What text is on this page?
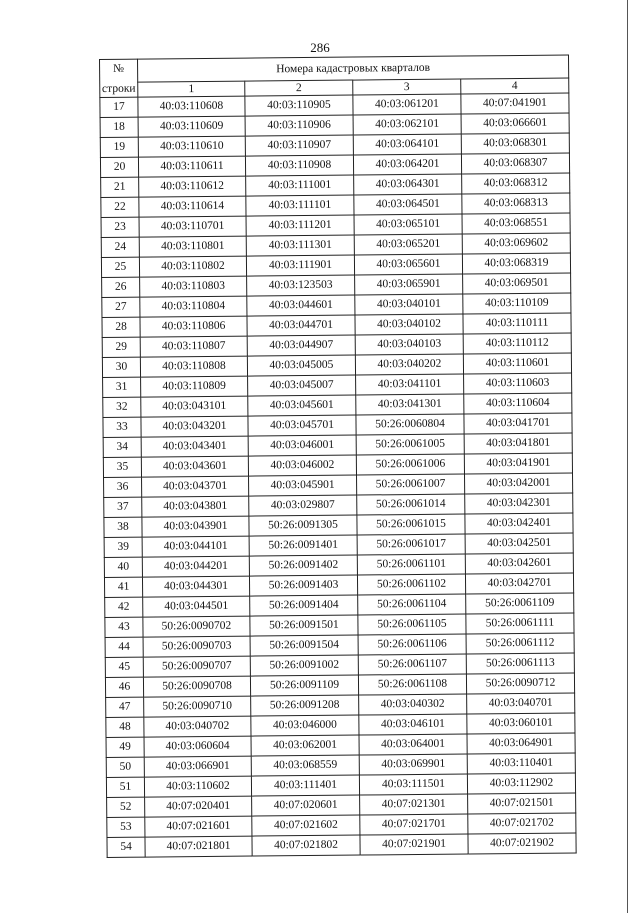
286
№
строки	Номера кадастровых кварталов			
	1	2	3	4
17	40:03:110608	40:03:110905	40:03:061201	40:07:041901
18	40:03:110609	40:03:110906	40:03:062101	40:03:066601
19	40:03:110610	40:03:110907	40:03:064101	40:03:068301
20	40:03:110611	40:03:110908	40:03:064201	40:03:068307
21	40:03:110612	40:03:111001	40:03:064301	40:03:068312
22	40:03:110614	40:03:111101	40:03:064501	40:03:068313
23	40:03:110701	40:03:111201	40:03:065101	40:03:068551
24	40:03:110801	40:03:111301	40:03:065201	40:03:069602
25	40:03:110802	40:03:111901	40:03:065601	40:03:068319
26	40:03:110803	40:03:123503	40:03:065901	40:03:069501
27	40:03:110804	40:03:044601	40:03:040101	40:03:110109
28	40:03:110806	40:03:044701	40:03:040102	40:03:110111
29	40:03:110807	40:03:044907	40:03:040103	40:03:110112
30	40:03:110808	40:03:045005	40:03:040202	40:03:110601
31	40:03:110809	40:03:045007	40:03:041101	40:03:110603
32	40:03:043101	40:03:045601	40:03:041301	40:03:110604
33	40:03:043201	40:03:045701	50:26:0060804	40:03:041701
34	40:03:043401	40:03:046001	50:26:0061005	40:03:041801
35	40:03:043601	40:03:046002	50:26:0061006	40:03:041901
36	40:03:043701	40:03:045901	50:26:0061007	40:03:042001
37	40:03:043801	40:03:029807	50:26:0061014	40:03:042301
38	40:03:043901	50:26:0091305	50:26:0061015	40:03:042401
39	40:03:044101	50:26:0091401	50:26:0061017	40:03:042501
40	40:03:044201	50:26:0091402	50:26:0061101	40:03:042601
41	40:03:044301	50:26:0091403	50:26:0061102	40:03:042701
42	40:03:044501	50:26:0091404	50:26:0061104	50:26:0061109
43	50:26:0090702	50:26:0091501	50:26:0061105	50:26:0061111
44	50:26:0090703	50:26:0091504	50:26:0061106	50:26:0061112
45	50:26:0090707	50:26:0091002	50:26:0061107	50:26:0061113
46	50:26:0090708	50:26:0091109	50:26:0061108	50:26:0090712
47	50:26:0090710	50:26:0091208	40:03:040302	40:03:040701
48	40:03:040702	40:03:046000	40:03:046101	40:03:060101
49	40:03:060604	40:03:062001	40:03:064001	40:03:064901
50	40:03:066901	40:03:068559	40:03:069901	40:03:110401
51	40:03:110602	40:03:111401	40:03:111501	40:03:112902
52	40:07:020401	40:07:020601	40:07:021301	40:07:021501
53	40:07:021601	40:07:021602	40:07:021701	40:07:021702
54	40:07:021801	40:07:021802	40:07:021901	40:07:021902
